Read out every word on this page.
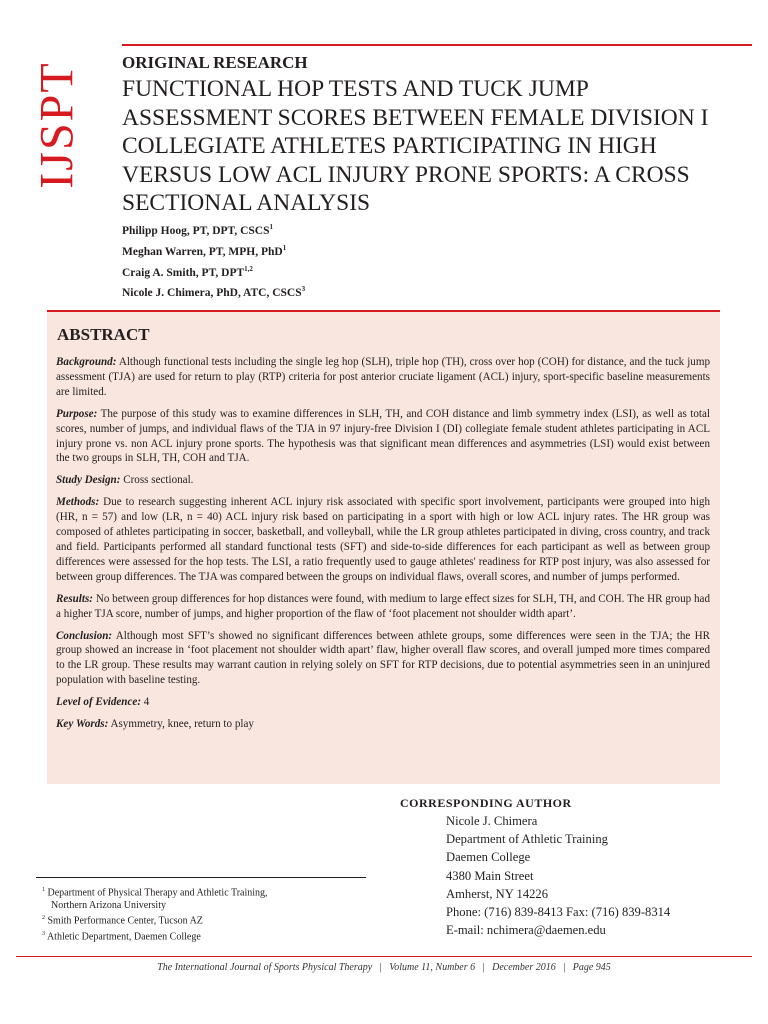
IJSPT ORIGINAL RESEARCH
FUNCTIONAL HOP TESTS AND TUCK JUMP ASSESSMENT SCORES BETWEEN FEMALE DIVISION I COLLEGIATE ATHLETES PARTICIPATING IN HIGH VERSUS LOW ACL INJURY PRONE SPORTS: A CROSS SECTIONAL ANALYSIS
Philipp Hoog, PT, DPT, CSCS$^1$
Meghan Warren, PT, MPH, PhD$^1$
Craig A. Smith, PT, DPT$^{1,2}$
Nicole J. Chimera, PhD, ATC, CSCS$^3$
ABSTRACT

Background: Although functional tests including the single leg hop (SLH), triple hop (TH), cross over hop (COH) for distance, and the tuck jump assessment (TJA) are used for return to play (RTP) criteria for post anterior cruciate ligament (ACL) injury, sport-specific baseline measurements are limited.

Purpose: The purpose of this study was to examine differences in SLH, TH, and COH distance and limb symmetry index (LSI), as well as total scores, number of jumps, and individual flaws of the TJA in 97 injury-free Division I (DI) collegiate female student athletes participating in ACL injury prone vs. non ACL injury prone sports. The hypothesis was that significant mean differences and asymmetries (LSI) would exist between the two groups in SLH, TH, COH and TJA.

Study Design: Cross sectional.

Methods: Due to research suggesting inherent ACL injury risk associated with specific sport involvement, participants were grouped into high (HR, n = 57) and low (LR, n = 40) ACL injury risk based on participating in a sport with high or low ACL injury rates. The HR group was composed of athletes participating in soccer, basketball, and volleyball, while the LR group athletes participated in diving, cross country, and track and field. Participants performed all standard functional tests (SFT) and side-to-side differences for each participant as well as between group differences were assessed for the hop tests. The LSI, a ratio frequently used to gauge athletes' readiness for RTP post injury, was also assessed for between group differences. The TJA was compared between the groups on individual flaws, overall scores, and number of jumps performed.

Results: No between group differences for hop distances were found, with medium to large effect sizes for SLH, TH, and COH. The HR group had a higher TJA score, number of jumps, and higher proportion of the flaw of ‘foot placement not shoulder width apart’.

Conclusion: Although most SFT’s showed no significant differences between athlete groups, some differences were seen in the TJA; the HR group showed an increase in ‘foot placement not shoulder width apart’ flaw, higher overall flaw scores, and overall jumped more times compared to the LR group. These results may warrant caution in relying solely on SFT for RTP decisions, due to potential asymmetries seen in an uninjured population with baseline testing.

Level of Evidence: 4

Key Words: Asymmetry, knee, return to play

CORRESPONDING AUTHOR
Nicole J. Chimera
Department of Athletic Training
Daemen College
4380 Main Street
Amherst, NY 14226
Phone: (716) 839-8413 Fax: (716) 839-8314
E-mail: nchimera@daemen.edu
$^1$ Department of Physical Therapy and Athletic Training,
Northern Arizona University
$^2$ Smith Performance Center, Tucson AZ
$^3$ Athletic Department, Daemen College
The International Journal of Sports Physical Therapy | Volume 11, Number 6 | December 2016 | Page 945
